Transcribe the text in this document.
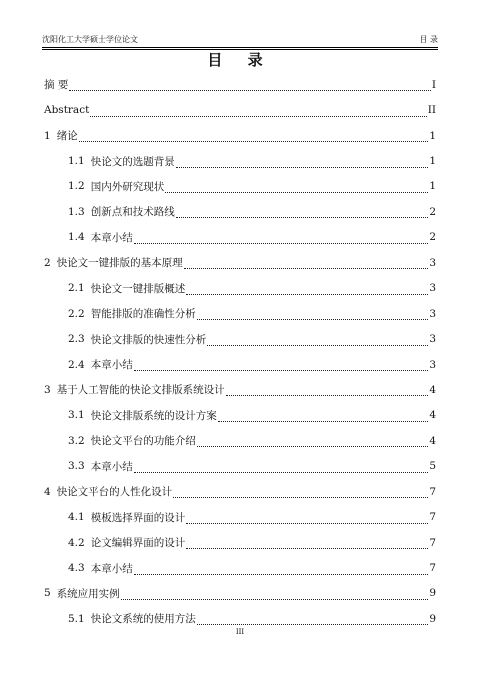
沈阳化工大学硕士学位论文	目 录
目 录
摘 要	I
Abstract	II
1 绪论	1
1.1 快论文的选题背景	1
1.2 国内外研究现状	1
1.3 创新点和技术路线	2
1.4 本章小结	2
2 快论文一键排版的基本原理	3
2.1 快论文一键排版概述	3
2.2 智能排版的准确性分析	3
2.3 快论文排版的快速性分析	3
2.4 本章小结	3
3 基于人工智能的快论文排版系统设计	4
3.1 快论文排版系统的设计方案	4
3.2 快论文平台的功能介绍	4
3.3 本章小结	5
4 快论文平台的人性化设计	7
4.1 模板选择界面的设计	7
4.2 论文编辑界面的设计	7
4.3 本章小结	7
5 系统应用实例	9
5.1 快论文系统的使用方法	9
III
